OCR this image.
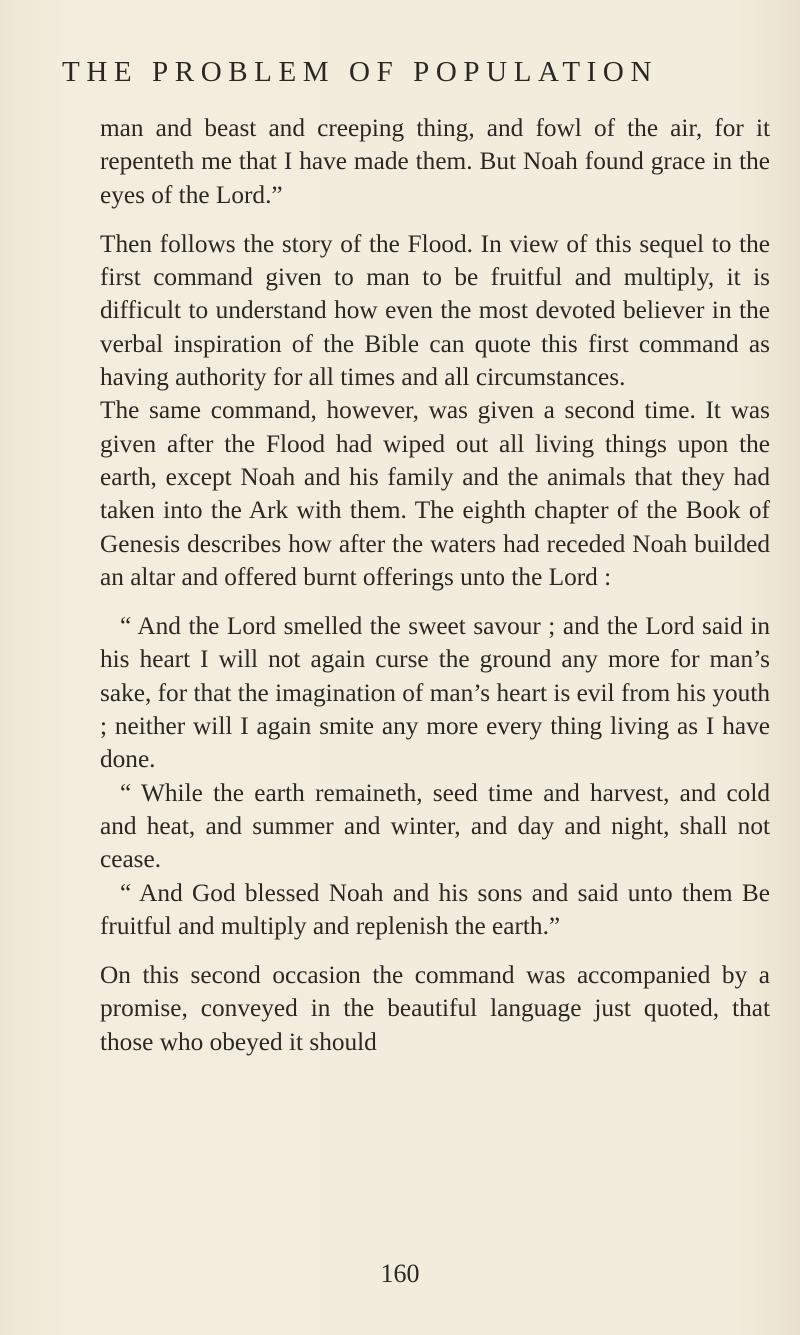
THE PROBLEM OF POPULATION

man and beast and creeping thing, and fowl of the air, for it repenteth me that I have made them. But Noah found grace in the eyes of the Lord.”

Then follows the story of the Flood. In view of this sequel to the first command given to man to be fruitful and multiply, it is difficult to understand how even the most devoted believer in the verbal inspiration of the Bible can quote this first command as having authority for all times and all circumstances.

The same command, however, was given a second time. It was given after the Flood had wiped out all living things upon the earth, except Noah and his family and the animals that they had taken into the Ark with them. The eighth chapter of the Book of Genesis describes how after the waters had receded Noah builded an altar and offered burnt offerings unto the Lord :

“ And the Lord smelled the sweet savour ; and the Lord said in his heart I will not again curse the ground any more for man’s sake, for that the imagination of man’s heart is evil from his youth ; neither will I again smite any more every thing living as I have done.

“ While the earth remaineth, seed time and harvest, and cold and heat, and summer and winter, and day and night, shall not cease.

“ And God blessed Noah and his sons and said unto them Be fruitful and multiply and replenish the earth.”

On this second occasion the command was accompanied by a promise, conveyed in the beautiful language just quoted, that those who obeyed it should

160
